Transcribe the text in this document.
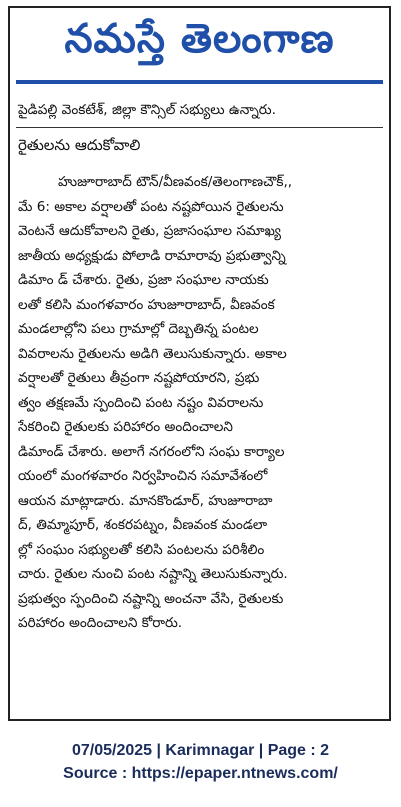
నమస్తే తెలంగాణ
పైడిపల్లి వెంకటేశ్, జిల్లా కౌన్సిల్ సభ్యులు ఉన్నారు.
రైతులను ఆదుకోవాలి
హుజూరాబాద్ టౌన్/వీణవంక/తెలంగాణచౌక్,,
మే 6: అకాల వర్షాలతో పంట నష్టపోయిన రైతులను
వెంటనే ఆదుకోవాలని రైతు, ప్రజాసంఘాల సమాఖ్య
జాతీయ అధ్యక్షుడు పోలాడి రామారావు ప్రభుత్వాన్ని
డిమాం డ్ చేశారు. రైతు, ప్రజా సంఘాల నాయకు
లతో కలిసి మంగళవారం హుజూరాబాద్, వీణవంక
మండలాల్లోని పలు గ్రామాల్లో దెబ్బతిన్న పంటల
వివరాలను రైతులను అడిగి తెలుసుకున్నారు. అకాల
వర్షాలతో రైతులు తీవ్రంగా నష్టపోయారని, ప్రభు
త్వం తక్షణమే స్పందించి పంట నష్టం వివరాలను
సేకరించి రైతులకు పరిహారం అందించాలని
డిమాండ్ చేశారు. అలాగే నగరంలోని సంఘ కార్యాల
యంలో మంగళవారం నిర్వహించిన సమావేశంలో
ఆయన మాట్లాడారు. మానకొండూర్, హుజూరాబా
ద్, తిమ్మాపూర్, శంకరపట్నం, వీణవంక మండలా
ల్లో సంఘం సభ్యులతో కలిసి పంటలను పరిశీలిం
చారు. రైతుల నుంచి పంట నష్టాన్ని తెలుసుకున్నారు.
ప్రభుత్వం స్పందించి నష్టాన్ని అంచనా వేసి, రైతులకు
పరిహారం అందించాలని కోరారు.
07/05/2025 | Karimnagar | Page : 2
Source : https://epaper.ntnews.com/
